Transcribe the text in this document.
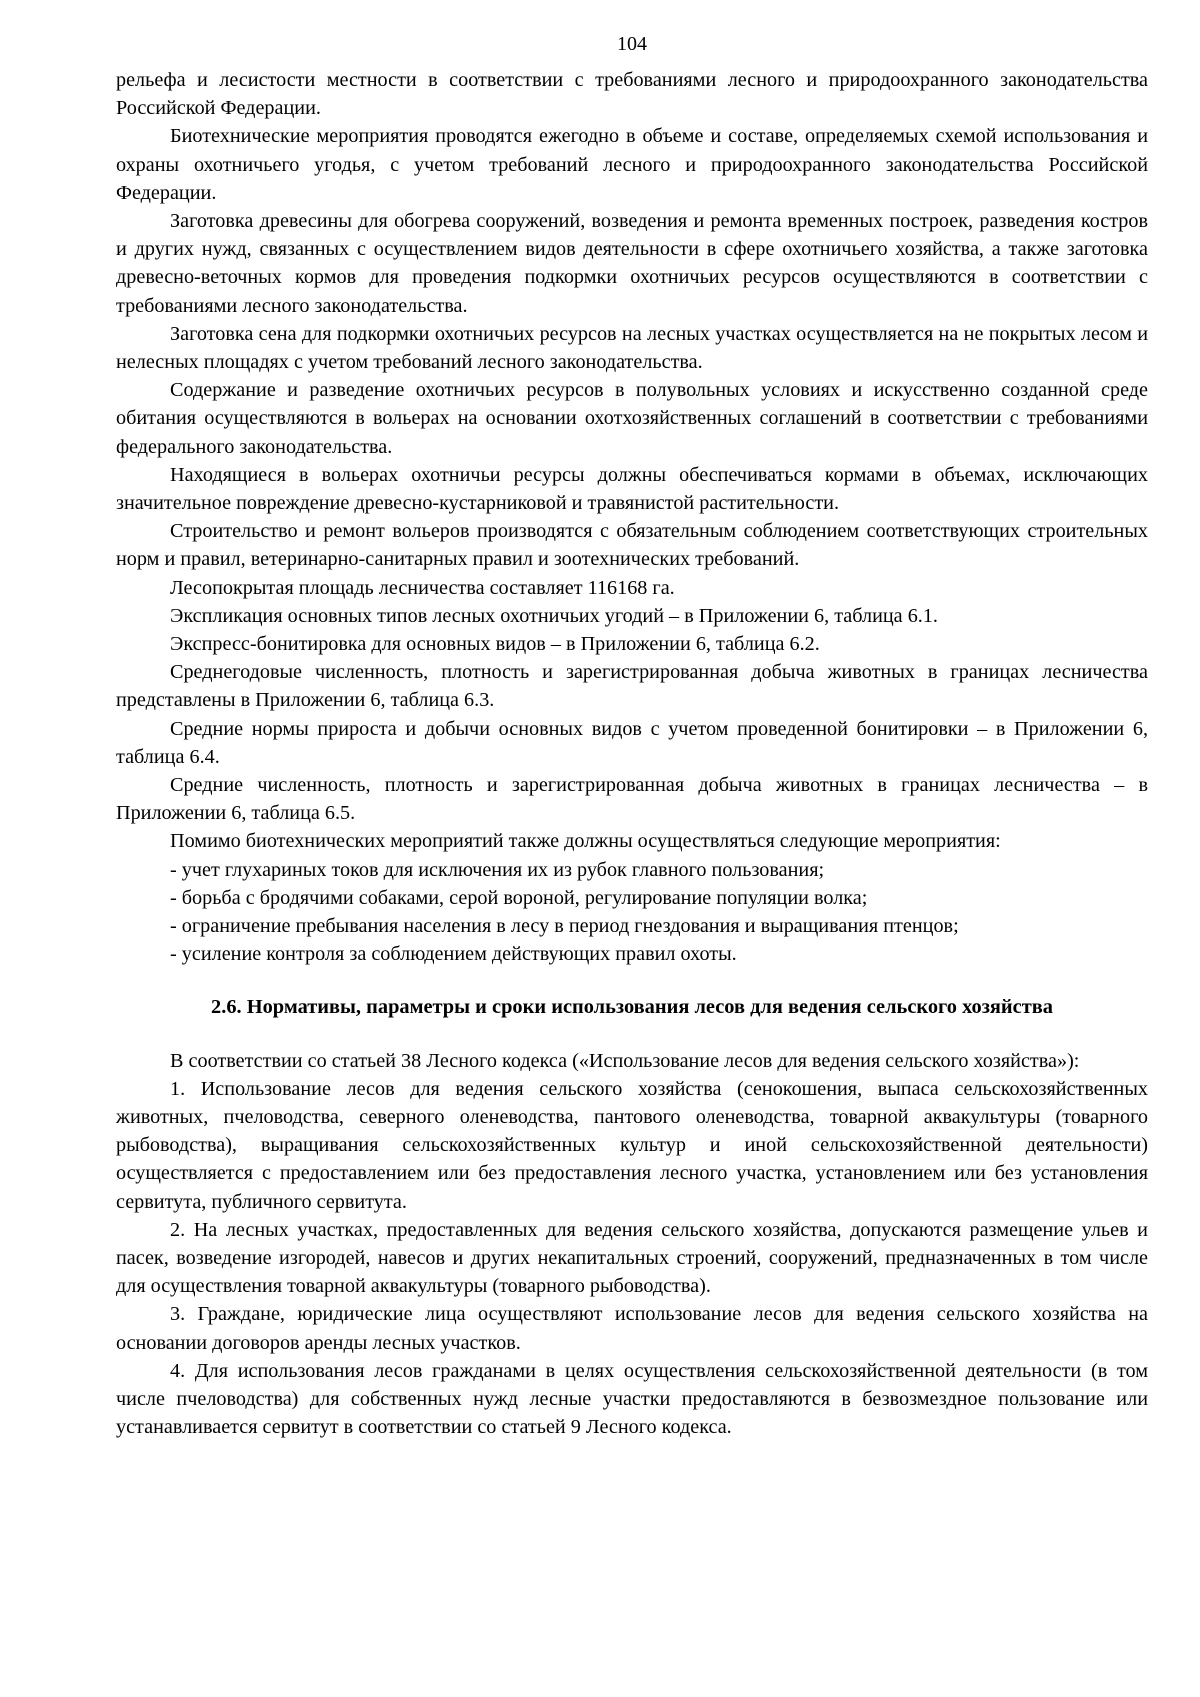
104

рельефа и лесистости местности в соответствии с требованиями лесного и природоохранного законодательства Российской Федерации.

Биотехнические мероприятия проводятся ежегодно в объеме и составе, определяемых схемой использования и охраны охотничьего угодья, с учетом требований лесного и природоохранного законодательства Российской Федерации.

Заготовка древесины для обогрева сооружений, возведения и ремонта временных построек, разведения костров и других нужд, связанных с осуществлением видов деятельности в сфере охотничьего хозяйства, а также заготовка древесно-веточных кормов для проведения подкормки охотничьих ресурсов осуществляются в соответствии с требованиями лесного законодательства.

Заготовка сена для подкормки охотничьих ресурсов на лесных участках осуществляется на не покрытых лесом и нелесных площадях с учетом требований лесного законодательства.

Содержание и разведение охотничьих ресурсов в полувольных условиях и искусственно созданной среде обитания осуществляются в вольерах на основании охотхозяйственных соглашений в соответствии с требованиями федерального законодательства.

Находящиеся в вольерах охотничьи ресурсы должны обеспечиваться кормами в объемах, исключающих значительное повреждение древесно-кустарниковой и травянистой растительности.

Строительство и ремонт вольеров производятся с обязательным соблюдением соответствующих строительных норм и правил, ветеринарно-санитарных правил и зоотехнических требований.

Лесопокрытая площадь лесничества составляет 116168 га.

Экспликация основных типов лесных охотничьих угодий – в Приложении 6, таблица 6.1.

Экспресс-бонитировка для основных видов – в Приложении 6, таблица 6.2.

Среднегодовые численность, плотность и зарегистрированная добыча животных в границах лесничества представлены в Приложении 6, таблица 6.3.

Средние нормы прироста и добычи основных видов с учетом проведенной бонитировки – в Приложении 6, таблица 6.4.

Средние численность, плотность и зарегистрированная добыча животных в границах лесничества – в Приложении 6, таблица 6.5.

Помимо биотехнических мероприятий также должны осуществляться следующие мероприятия:

- учет глухариных токов для исключения их из рубок главного пользования;
- борьба с бродячими собаками, серой вороной, регулирование популяции волка;
- ограничение пребывания населения в лесу в период гнездования и выращивания птенцов;
- усиление контроля за соблюдением действующих правил охоты.
2.6. Нормативы, параметры и сроки использования лесов для ведения сельского хозяйства

В соответствии со статьей 38 Лесного кодекса («Использование лесов для ведения сельского хозяйства»):

1. Использование лесов для ведения сельского хозяйства (сенокошения, выпаса сельскохозяйственных животных, пчеловодства, северного оленеводства, пантового оленеводства, товарной аквакультуры (товарного рыбоводства), выращивания сельскохозяйственных культур и иной сельскохозяйственной деятельности) осуществляется с предоставлением или без предоставления лесного участка, установлением или без установления сервитута, публичного сервитута.

2. На лесных участках, предоставленных для ведения сельского хозяйства, допускаются размещение ульев и пасек, возведение изгородей, навесов и других некапитальных строений, сооружений, предназначенных в том числе для осуществления товарной аквакультуры (товарного рыбоводства).

3. Граждане, юридические лица осуществляют использование лесов для ведения сельского хозяйства на основании договоров аренды лесных участков.

4. Для использования лесов гражданами в целях осуществления сельскохозяйственной деятельности (в том числе пчеловодства) для собственных нужд лесные участки предоставляются в безвозмездное пользование или устанавливается сервитут в соответствии со статьей 9 Лесного кодекса.
